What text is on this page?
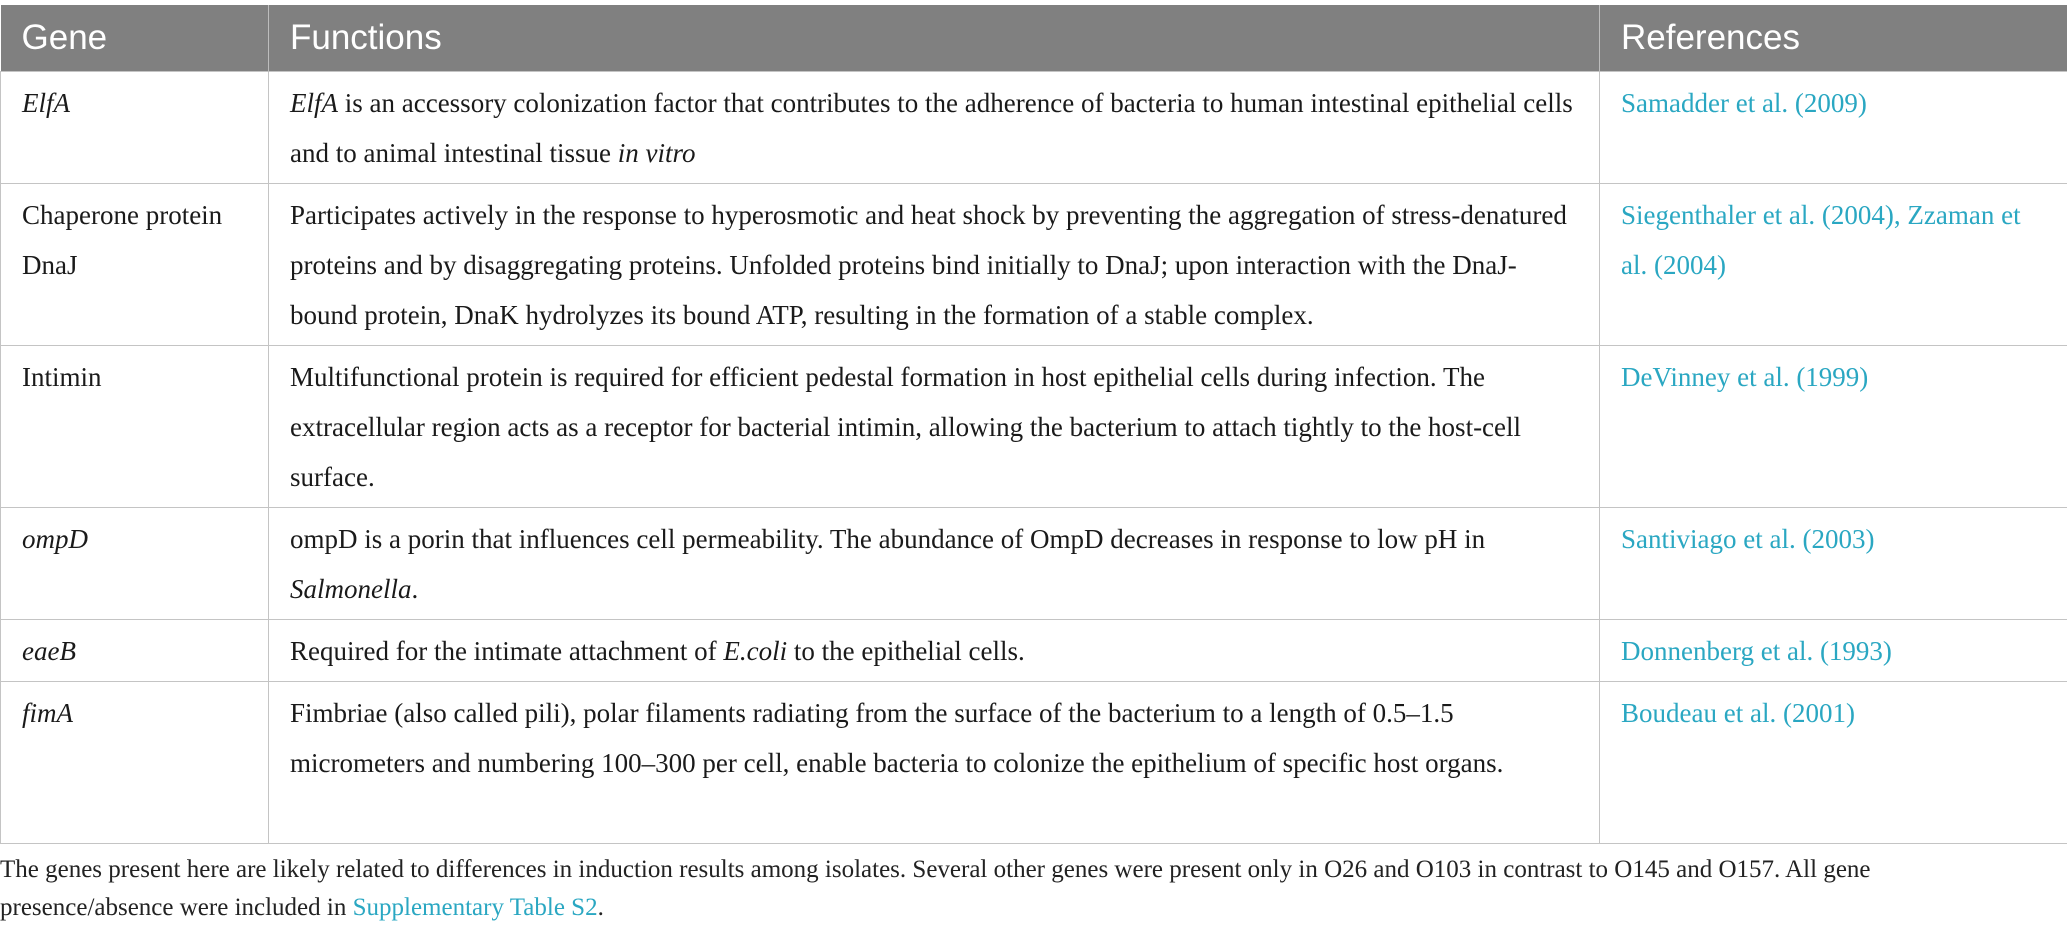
Gene	Functions	References
ElfA	ElfA is an accessory colonization factor that contributes to the adherence of bacteria to human intestinal epithelial cells and to animal intestinal tissue in vitro	Samadder et al. (2009)
Chaperone protein DnaJ	Participates actively in the response to hyperosmotic and heat shock by preventing the aggregation of stress-denatured proteins and by disaggregating proteins. Unfolded proteins bind initially to DnaJ; upon interaction with the DnaJ-bound protein, DnaK hydrolyzes its bound ATP, resulting in the formation of a stable complex.	Siegenthaler et al. (2004), Zzaman et al. (2004)
Intimin	Multifunctional protein is required for efficient pedestal formation in host epithelial cells during infection. The extracellular region acts as a receptor for bacterial intimin, allowing the bacterium to attach tightly to the host-cell surface.	DeVinney et al. (1999)
ompD	ompD is a porin that influences cell permeability. The abundance of OmpD decreases in response to low pH in Salmonella.	Santiviago et al. (2003)
eaeB	Required for the intimate attachment of E.coli to the epithelial cells.	Donnenberg et al. (1993)
fimA	Fimbriae (also called pili), polar filaments radiating from the surface of the bacterium to a length of 0.5–1.5 micrometers and numbering 100–300 per cell, enable bacteria to colonize the epithelium of specific host organs.	Boudeau et al. (2001)
The genes present here are likely related to differences in induction results among isolates. Several other genes were present only in O26 and O103 in contrast to O145 and O157. All gene presence/absence were included in Supplementary Table S2.
